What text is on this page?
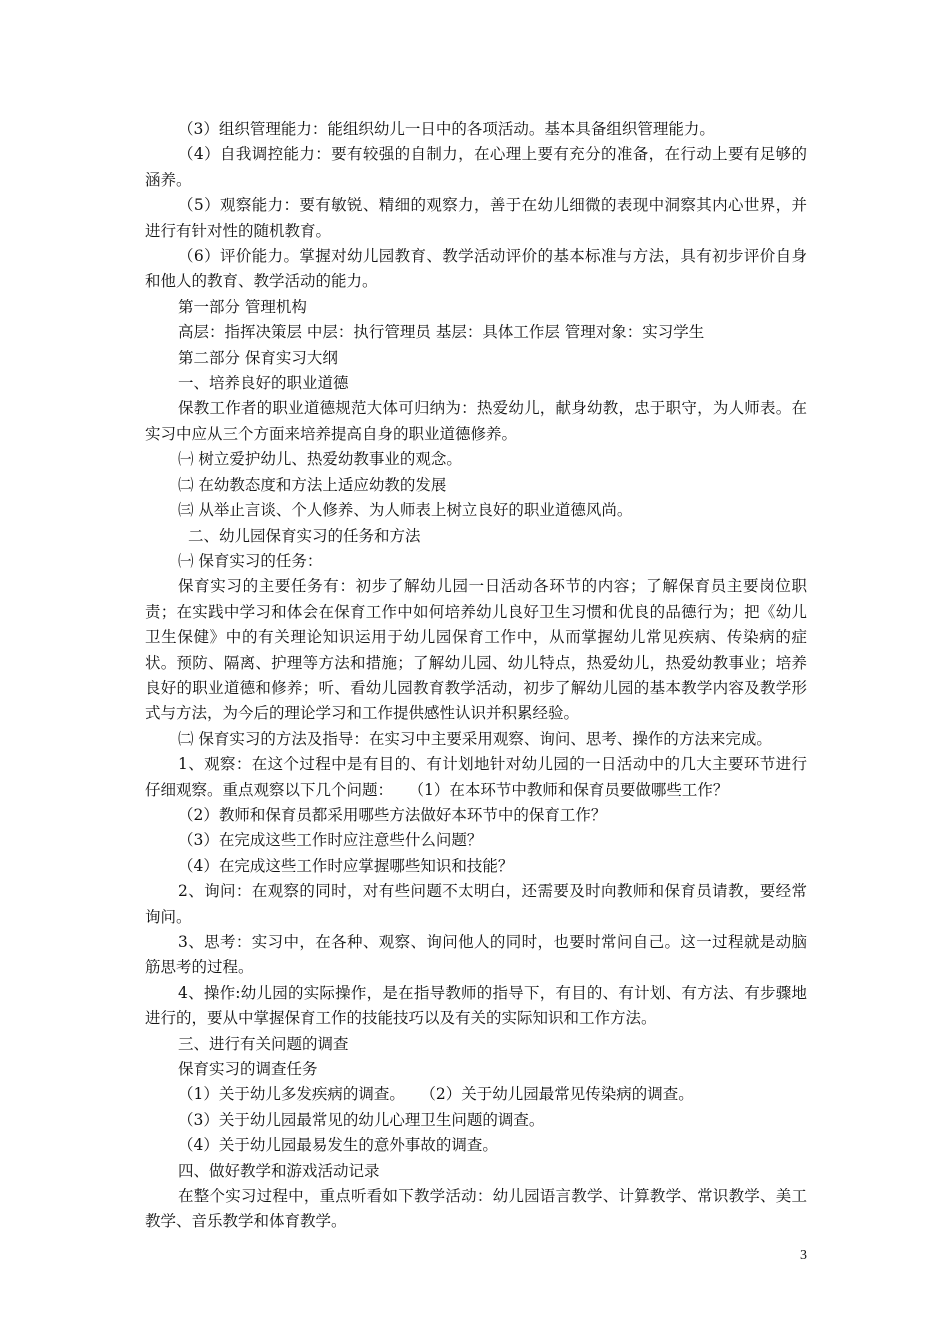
（3）组织管理能力：能组织幼儿一日中的各项活动。基本具备组织管理能力。

（4）自我调控能力：要有较强的自制力，在心理上要有充分的准备，在行动上要有足够的涵养。

（5）观察能力：要有敏锐、精细的观察力，善于在幼儿细微的表现中洞察其内心世界，并进行有针对性的随机教育。

（6）评价能力。掌握对幼儿园教育、教学活动评价的基本标准与方法，具有初步评价自身和他人的教育、教学活动的能力。

第一部分 管理机构

高层：指挥决策层 中层：执行管理员 基层：具体工作层 管理对象：实习学生

第二部分 保育实习大纲

一、培养良好的职业道德

保教工作者的职业道德规范大体可归纳为：热爱幼儿，献身幼教，忠于职守，为人师表。在实习中应从三个方面来培养提高自身的职业道德修养。

㈠ 树立爱护幼儿、热爱幼教事业的观念。

㈡ 在幼教态度和方法上适应幼教的发展

㈢ 从举止言谈、个人修养、为人师表上树立良好的职业道德风尚。

二、幼儿园保育实习的任务和方法

㈠ 保育实习的任务：

保育实习的主要任务有：初步了解幼儿园一日活动各环节的内容；了解保育员主要岗位职责；在实践中学习和体会在保育工作中如何培养幼儿良好卫生习惯和优良的品德行为；把《幼儿卫生保健》中的有关理论知识运用于幼儿园保育工作中，从而掌握幼儿常见疾病、传染病的症状。预防、隔离、护理等方法和措施；了解幼儿园、幼儿特点，热爱幼儿，热爱幼教事业；培养良好的职业道德和修养；听、看幼儿园教育教学活动，初步了解幼儿园的基本教学内容及教学形式与方法，为今后的理论学习和工作提供感性认识并积累经验。

㈡ 保育实习的方法及指导：在实习中主要采用观察、询问、思考、操作的方法来完成。

1、观察：在这个过程中是有目的、有计划地针对幼儿园的一日活动中的几大主要环节进行仔细观察。重点观察以下几个问题：　　（1）在本环节中教师和保育员要做哪些工作？

（2）教师和保育员都采用哪些方法做好本环节中的保育工作？

（3）在完成这些工作时应注意些什么问题？

（4）在完成这些工作时应掌握哪些知识和技能？

2、询问：在观察的同时，对有些问题不太明白，还需要及时向教师和保育员请教，要经常询问。

3、思考：实习中，在各种、观察、询问他人的同时，也要时常问自己。这一过程就是动脑筋思考的过程。

4、操作:幼儿园的实际操作，是在指导教师的指导下，有目的、有计划、有方法、有步骤地进行的，要从中掌握保育工作的技能技巧以及有关的实际知识和工作方法。

三、进行有关问题的调查

保育实习的调查任务

（1）关于幼儿多发疾病的调查。　　（2）关于幼儿园最常见传染病的调查。

（3）关于幼儿园最常见的幼儿心理卫生问题的调查。

（4）关于幼儿园最易发生的意外事故的调查。

四、做好教学和游戏活动记录

在整个实习过程中，重点听看如下教学活动：幼儿园语言教学、计算教学、常识教学、美工教学、音乐教学和体育教学。

3
